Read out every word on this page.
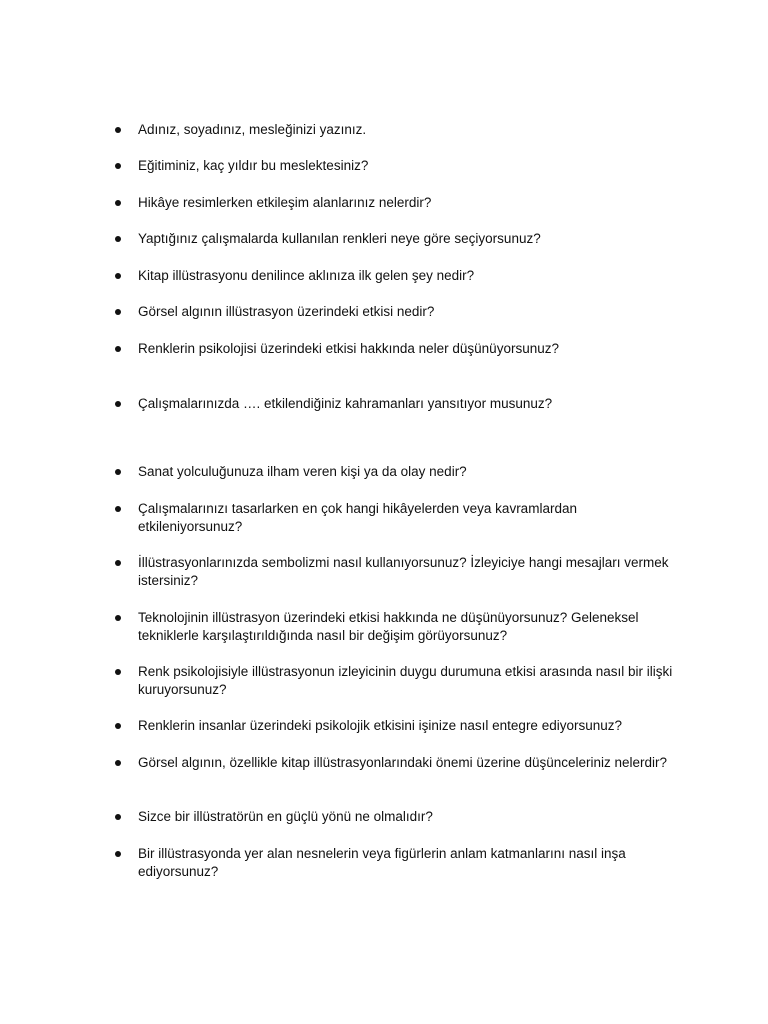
Adınız, soyadınız, mesleğinizi yazınız.
Eğitiminiz, kaç yıldır bu meslektesiniz?
Hikâye resimlerken etkileşim alanlarınız nelerdir?
Yaptığınız çalışmalarda kullanılan renkleri neye göre seçiyorsunuz?
Kitap illüstrasyonu denilince aklınıza ilk gelen şey nedir?
Görsel algının illüstrasyon üzerindeki etkisi nedir?
Renklerin psikolojisi üzerindeki etkisi hakkında neler düşünüyorsunuz?
Çalışmalarınızda …. etkilendiğiniz kahramanları yansıtıyor musunuz?
Sanat yolculuğunuza ilham veren kişi ya da olay nedir?
Çalışmalarınızı tasarlarken en çok hangi hikâyelerden veya kavramlardan etkileniyorsunuz?
İllüstrasyonlarınızda sembolizmi nasıl kullanıyorsunuz? İzleyiciye hangi mesajları vermek istersiniz?
Teknolojinin illüstrasyon üzerindeki etkisi hakkında ne düşünüyorsunuz? Geleneksel tekniklerle karşılaştırıldığında nasıl bir değişim görüyorsunuz?
Renk psikolojisiyle illüstrasyonun izleyicinin duygu durumuna etkisi arasında nasıl bir ilişki kuruyorsunuz?
Renklerin insanlar üzerindeki psikolojik etkisini işinize nasıl entegre ediyorsunuz?
Görsel algının, özellikle kitap illüstrasyonlarındaki önemi üzerine düşünceleriniz nelerdir?
Sizce bir illüstratörün en güçlü yönü ne olmalıdır?
Bir illüstrasyonda yer alan nesnelerin veya figürlerin anlam katmanlarını nasıl inşa ediyorsunuz?
